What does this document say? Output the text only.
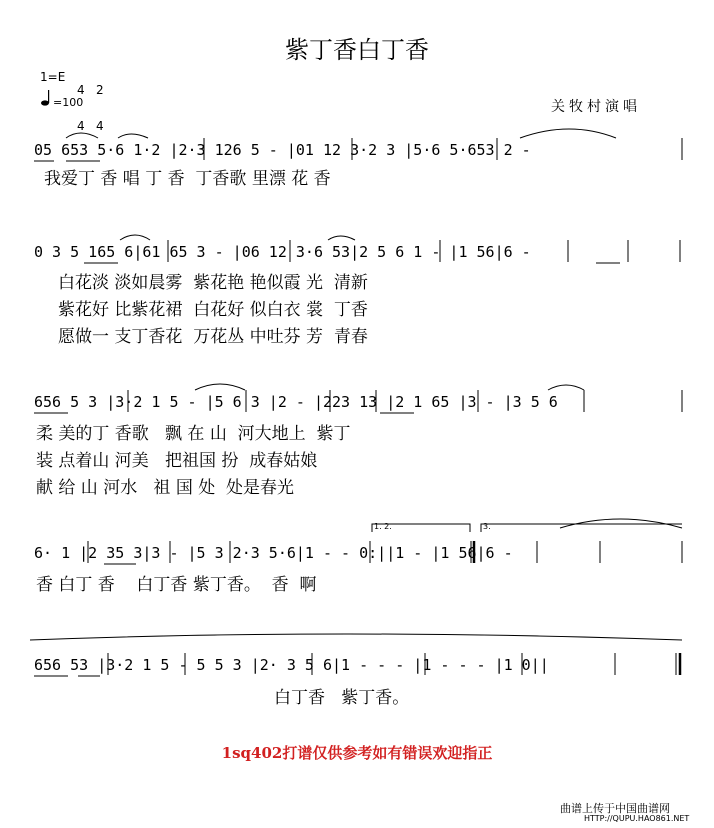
紫丁香白丁香
1=E

4

4

2

4

=100	关牧村演唱
05 653 5·6 1·2 |2·3 126 5 - |01 12 3·2 3 |5·6 5·653 2 -
我爱丁 香 唱 丁 香  丁香歌 里漂 花 香
0 3 5 165 6|61 65 3 - |06 12 3·6 53|2 5 6 1 - |1 56|6 -
白花淡 淡如晨雾  紫花艳 艳似霞 光  清新
紫花好 比紫花裙  白花好 似白衣 裳  丁香
愿做一 支丁香花  万花丛 中吐芬 芳  青春
656 5 3 |3·2 1 5 - |5 6 3 |2 - |223 13 |2 1 65 |3 - |3 5 6
柔 美的丁 香歌   飘 在 山  河大地上  紫丁
装 点着山 河美   把祖国 扮  成春姑娘
献 给 山 河水   祖 国 处  处是春光
1. 2.	3.
6· 1 |2 35 3|3 - |5 3 2·3 5·6|1 - - 0:||1 - |1 56|6 -
香 白丁 香    白丁香 紫丁香。  香  啊
656 53 |3·2 1 5 - 5 5 3 |2· 3 5 6|1 - - - |1 - - - |1 0||
白丁香   紫丁香。
1sq402打谱仅供参考如有错误欢迎指正
曲谱上传于中国曲谱网
HTTP://QUPU.HAO861.NET
